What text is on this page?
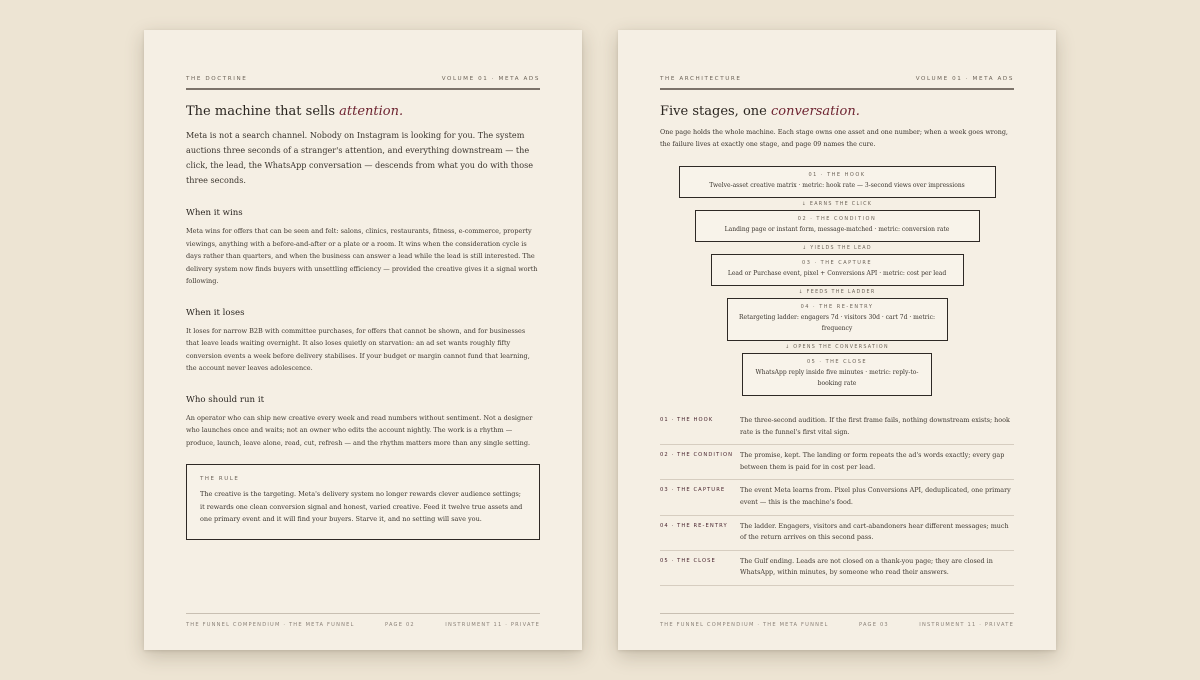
THE DOCTRINE	VOLUME 01 · META ADS
The machine that sells attention.

Meta is not a search channel. Nobody on Instagram is looking for you. The system auctions three seconds of a stranger's attention, and everything downstream — the click, the lead, the WhatsApp conversation — descends from what you do with those three seconds.

When it wins

Meta wins for offers that can be seen and felt: salons, clinics, restaurants, fitness, e-commerce, property viewings, anything with a before-and-after or a plate or a room. It wins when the consideration cycle is days rather than quarters, and when the business can answer a lead while the lead is still interested. The delivery system now finds buyers with unsettling efficiency — provided the creative gives it a signal worth following.

When it loses

It loses for narrow B2B with committee purchases, for offers that cannot be shown, and for businesses that leave leads waiting overnight. It also loses quietly on starvation: an ad set wants roughly fifty conversion events a week before delivery stabilises. If your budget or margin cannot fund that learning, the account never leaves adolescence.

Who should run it

An operator who can ship new creative every week and read numbers without sentiment. Not a designer who launches once and waits; not an owner who edits the account nightly. The work is a rhythm — produce, launch, leave alone, read, cut, refresh — and the rhythm matters more than any single setting.

THE RULE
The creative is the targeting. Meta's delivery system no longer rewards clever audience settings; it rewards one clean conversion signal and honest, varied creative. Feed it twelve true assets and one primary event and it will find your buyers. Starve it, and no setting will save you.
THE FUNNEL COMPENDIUM · THE META FUNNEL	PAGE 02	INSTRUMENT 11 · PRIVATE
THE ARCHITECTURE	VOLUME 01 · META ADS
Five stages, one conversation.

One page holds the whole machine. Each stage owns one asset and one number; when a week goes wrong, the failure lives at exactly one stage, and page 09 names the cure.

01 · THE HOOK
Twelve-asset creative matrix · metric: hook rate — 3-second views over impressions
↓ EARNS THE CLICK
02 · THE CONDITION
Landing page or instant form, message-matched · metric: conversion rate
↓ YIELDS THE LEAD
03 · THE CAPTURE
Lead or Purchase event, pixel + Conversions API · metric: cost per lead
↓ FEEDS THE LADDER
04 · THE RE-ENTRY
Retargeting ladder: engagers 7d · visitors 30d · cart 7d · metric: frequency
↓ OPENS THE CONVERSATION
05 · THE CLOSE
WhatsApp reply inside five minutes · metric: reply-to-booking rate
01 · THE HOOK	The three-second audition. If the first frame fails, nothing downstream exists; hook rate is the funnel's first vital sign.
02 · THE CONDITION	The promise, kept. The landing or form repeats the ad's words exactly; every gap between them is paid for in cost per lead.
03 · THE CAPTURE	The event Meta learns from. Pixel plus Conversions API, deduplicated, one primary event — this is the machine's food.
04 · THE RE-ENTRY	The ladder. Engagers, visitors and cart-abandoners hear different messages; much of the return arrives on this second pass.
05 · THE CLOSE	The Gulf ending. Leads are not closed on a thank-you page; they are closed in WhatsApp, within minutes, by someone who read their answers.
THE FUNNEL COMPENDIUM · THE META FUNNEL	PAGE 03	INSTRUMENT 11 · PRIVATE
